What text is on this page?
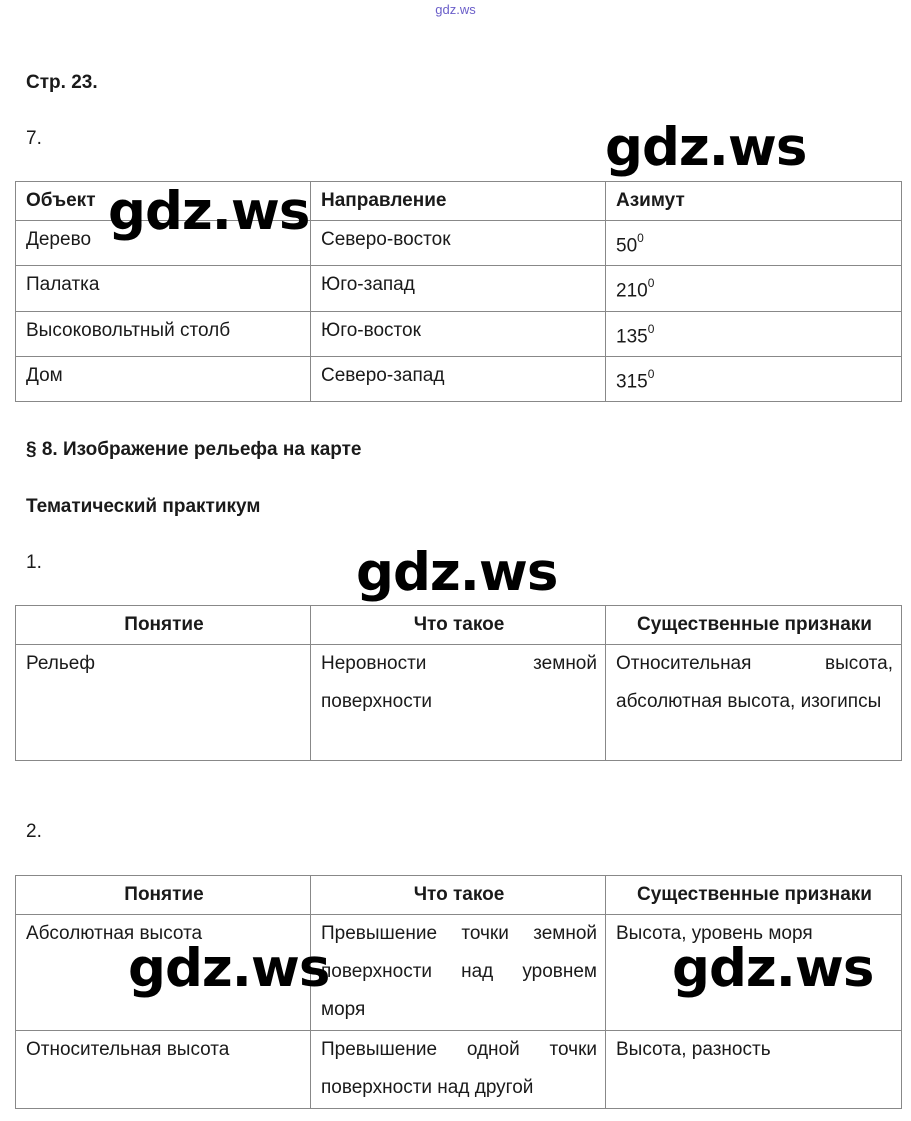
gdz.ws
Стр. 23.
7.
Объект	Направление	Азимут
Дерево	Северо-восток	$50^0$
Палатка	Юго-запад	$210^0$
Высоковольтный столб	Юго-восток	$135^0$
Дом	Северо-запад	$315^0$
§ 8. Изображение рельефа на карте
Тематический практикум
1.
Понятие	Что такое	Существенные признаки
Рельеф	Неровности земной поверхности	Относительная высота, абсолютная высота, изогипсы
2.
Понятие	Что такое	Существенные признаки
Абсолютная высота	Превышение точки земной поверхности над уровнем моря	Высота, уровень моря
Относительная высота	Превышение одной точки поверхности над другой	Высота, разность
gdz.ws
gdz.ws
gdz.ws
gdz.ws	gdz.ws
